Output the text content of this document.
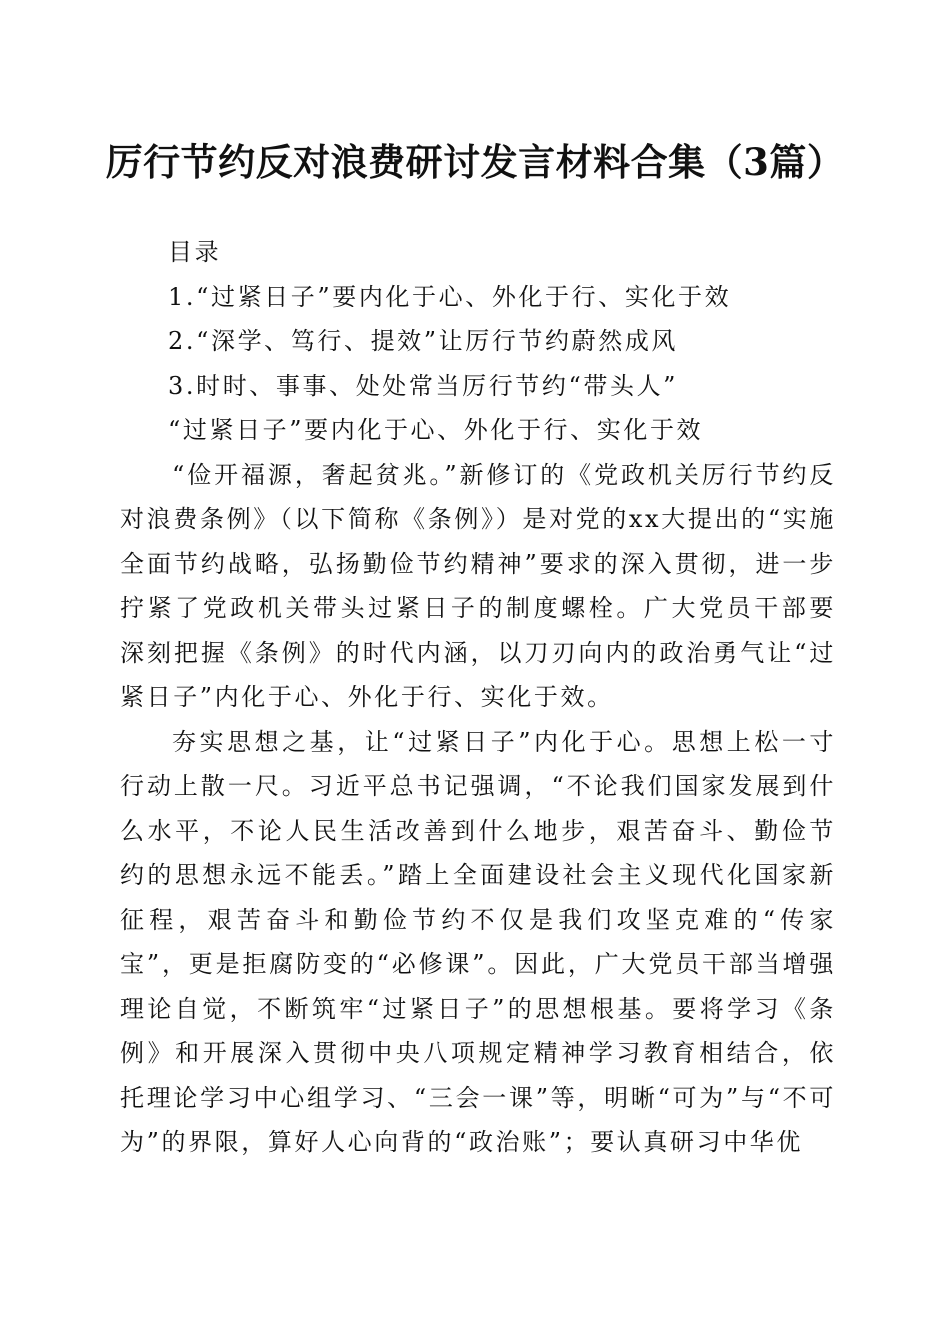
厉行节约反对浪费研讨发言材料合集（3篇）

目录

1.“过紧日子”要内化于心、外化于行、实化于效

2.“深学、笃行、提效”让厉行节约蔚然成风

3.时时、事事、处处常当厉行节约“带头人”

“过紧日子”要内化于心、外化于行、实化于效

“俭开福源，奢起贫兆。”新修订的《党政机关厉行节约反对浪费条例》（以下简称《条例》）是对党的xx大提出的“实施全面节约战略，弘扬勤俭节约精神”要求的深入贯彻，进一步拧紧了党政机关带头过紧日子的制度螺栓。广大党员干部要深刻把握《条例》的时代内涵，以刀刃向内的政治勇气让“过紧日子”内化于心、外化于行、实化于效。

夯实思想之基，让“过紧日子”内化于心。思想上松一寸行动上散一尺。习近平总书记强调，“不论我们国家发展到什么水平，不论人民生活改善到什么地步，艰苦奋斗、勤俭节约的思想永远不能丢。”踏上全面建设社会主义现代化国家新征程，艰苦奋斗和勤俭节约不仅是我们攻坚克难的“传家宝”，更是拒腐防变的“必修课”。因此，广大党员干部当增强理论自觉，不断筑牢“过紧日子”的思想根基。要将学习《条例》和开展深入贯彻中央八项规定精神学习教育相结合，依托理论学习中心组学习、“三会一课”等，明晰“可为”与“不可为”的界限，算好人心向背的“政治账”；要认真研习中华优
